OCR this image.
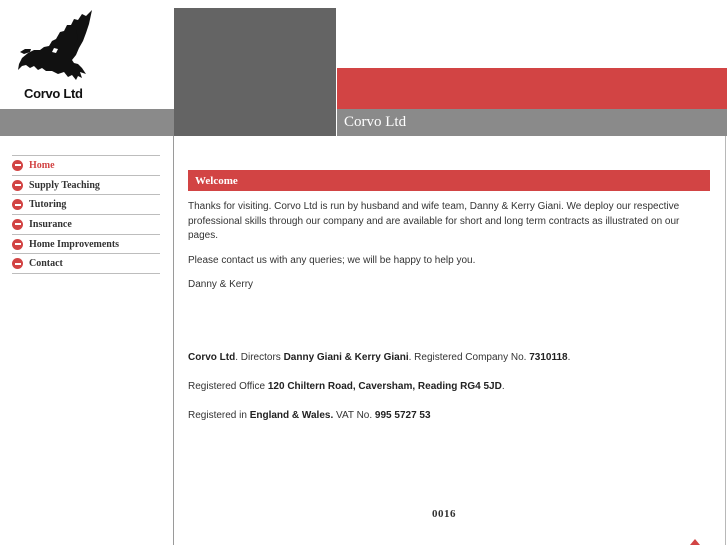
Corvo Ltd
Corvo Ltd
Home
Supply Teaching
Tutoring
Insurance
Home Improvements
Contact
Welcome

Thanks for visiting. Corvo Ltd is run by husband and wife team, Danny & Kerry Giani. We deploy our respective professional skills through our company and are available for short and long term contracts as illustrated on our pages.

Please contact us with any queries; we will be happy to help you.

Danny & Kerry

Corvo Ltd. Directors Danny Giani & Kerry Giani. Registered Company No. 7310118.

Registered Office 120 Chiltern Road, Caversham, Reading RG4 5JD.

Registered in England & Wales. VAT No. 995 5727 53

0016
